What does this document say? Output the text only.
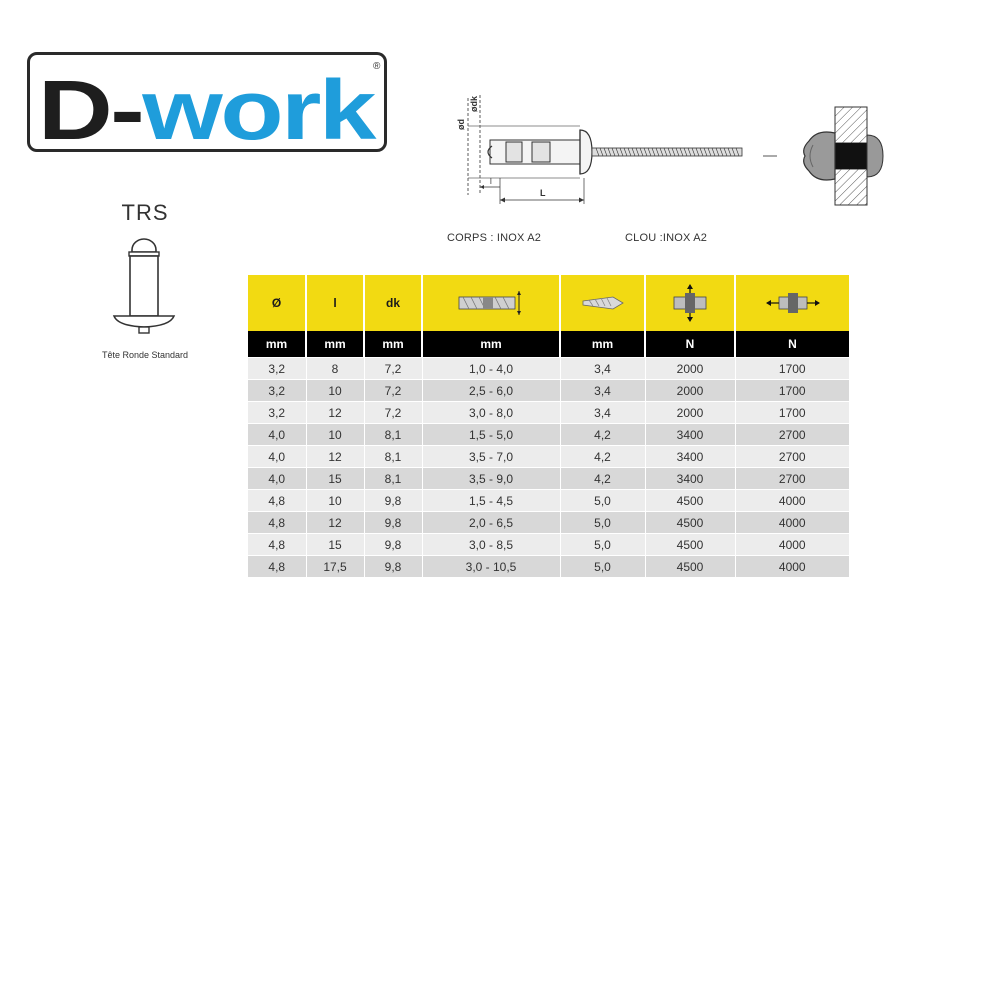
D- work	®
TRS
Tête Ronde Standard
ød
ødk
l
L
CORPS : INOX A2	CLOU :INOX A2
Ø	l	dk				
mm	mm	mm	mm	mm	N	N
3,2	8	7,2	1,0 - 4,0	3,4	2000	1700
3,2	10	7,2	2,5 - 6,0	3,4	2000	1700
3,2	12	7,2	3,0 - 8,0	3,4	2000	1700
4,0	10	8,1	1,5 - 5,0	4,2	3400	2700
4,0	12	8,1	3,5 - 7,0	4,2	3400	2700
4,0	15	8,1	3,5 - 9,0	4,2	3400	2700
4,8	10	9,8	1,5 - 4,5	5,0	4500	4000
4,8	12	9,8	2,0 - 6,5	5,0	4500	4000
4,8	15	9,8	3,0 - 8,5	5,0	4500	4000
4,8	17,5	9,8	3,0 - 10,5	5,0	4500	4000
